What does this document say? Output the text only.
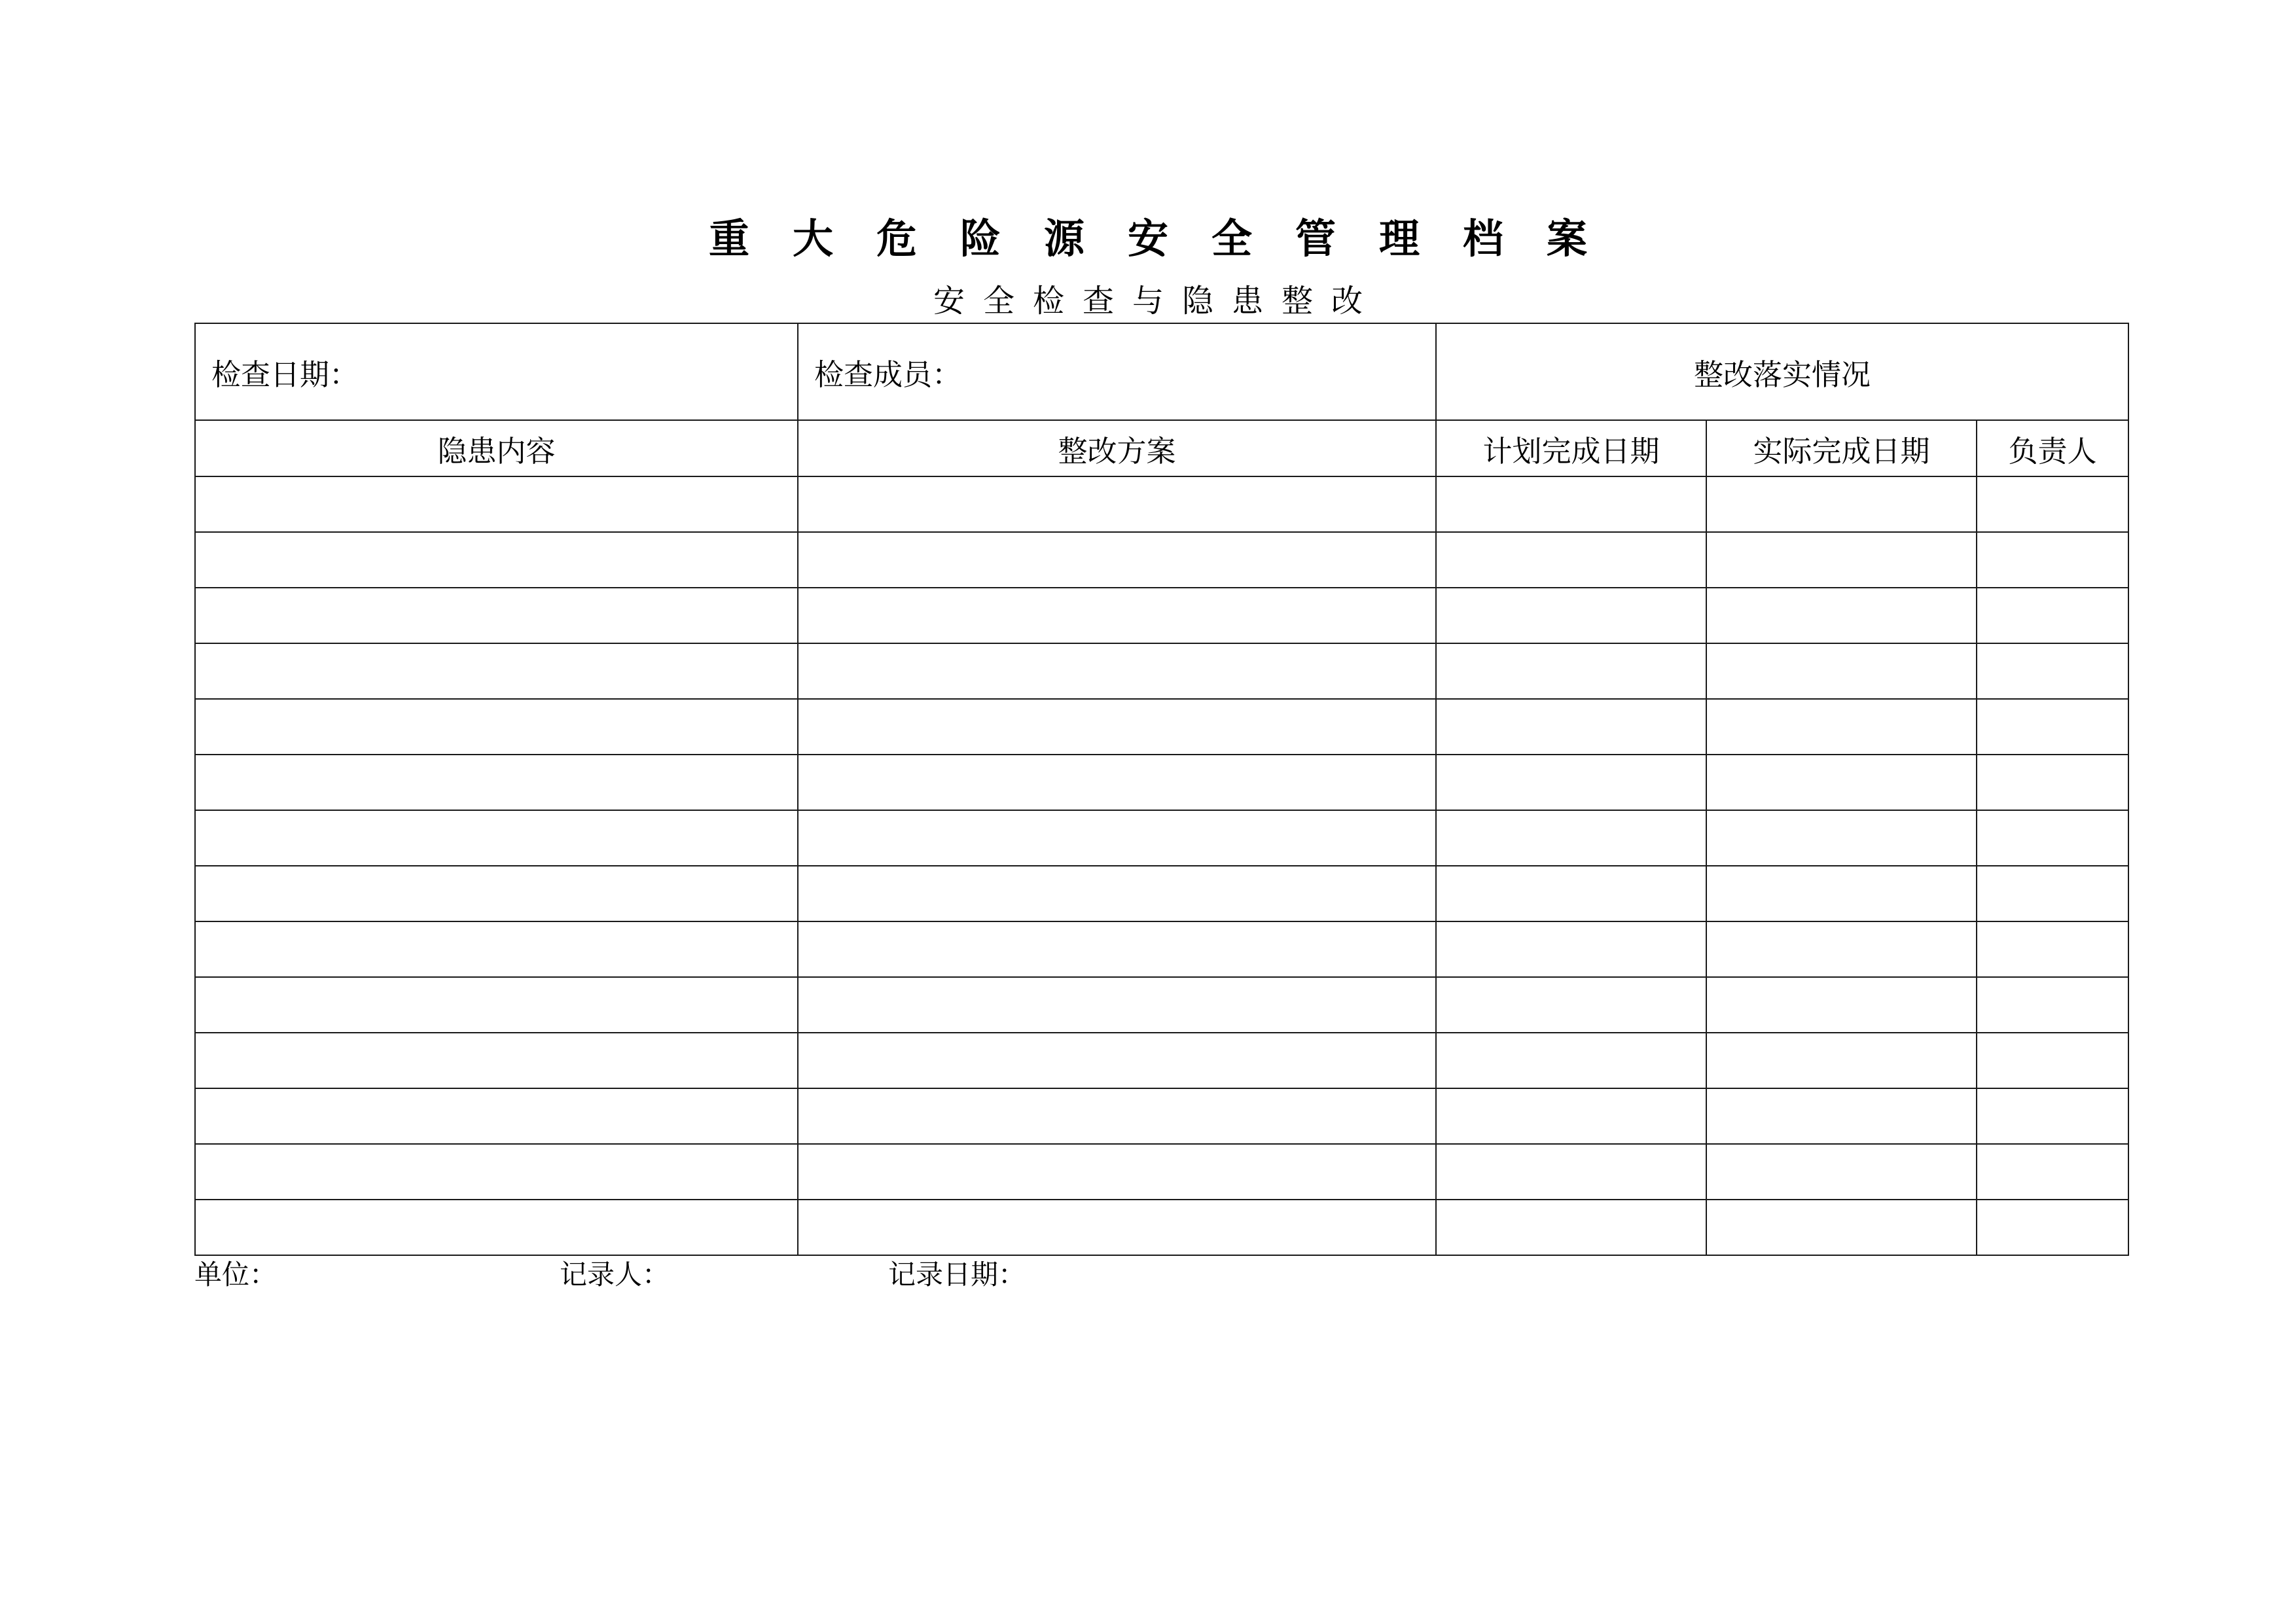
重大危险源安全管理档案
安全检查与隐患整改
检查日期：	检查成员：	整改落实情况		
隐患内容	整改方案	计划完成日期	实际完成日期	负责人

单位：	记录人：	记录日期：
